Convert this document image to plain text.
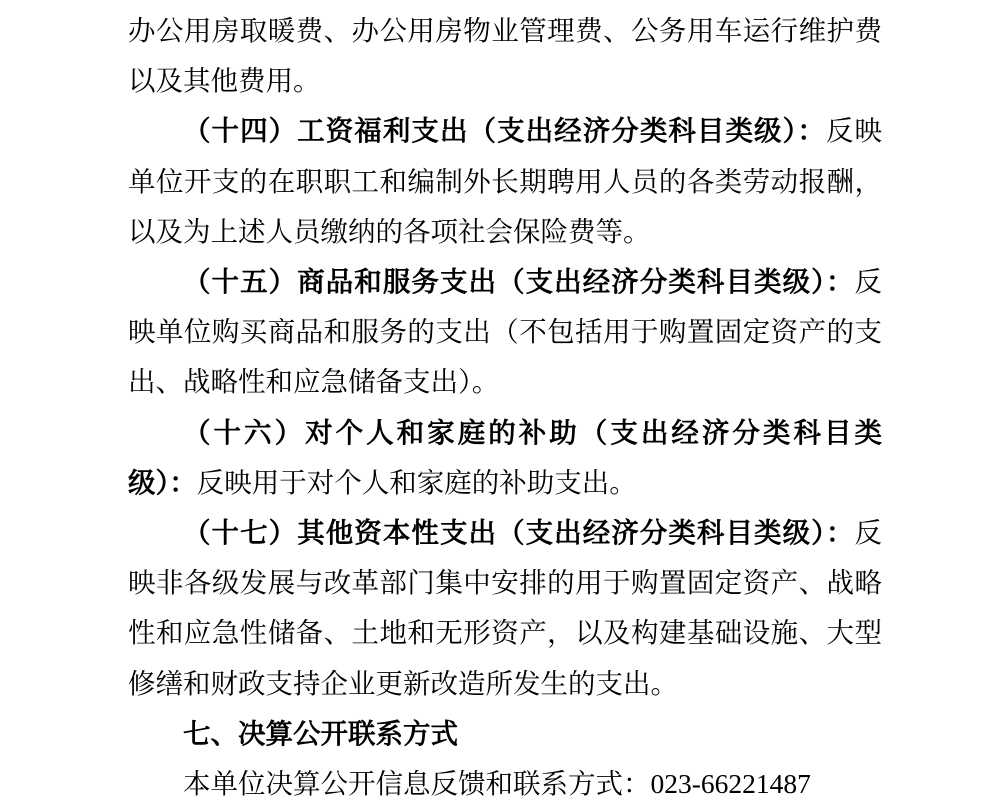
办公用房取暖费、办公用房物业管理费、公务用车运行维护费以及其他费用。

（十四）工资福利支出（支出经济分类科目类级）：反映单位开支的在职职工和编制外长期聘用人员的各类劳动报酬，以及为上述人员缴纳的各项社会保险费等。

（十五）商品和服务支出（支出经济分类科目类级）：反映单位购买商品和服务的支出（不包括用于购置固定资产的支出、战略性和应急储备支出）。

（十六）对个人和家庭的补助（支出经济分类科目类级）：反映用于对个人和家庭的补助支出。

（十七）其他资本性支出（支出经济分类科目类级）：反映非各级发展与改革部门集中安排的用于购置固定资产、战略性和应急性储备、土地和无形资产，以及构建基础设施、大型修缮和财政支持企业更新改造所发生的支出。

七、决算公开联系方式

本单位决算公开信息反馈和联系方式：023-66221487
